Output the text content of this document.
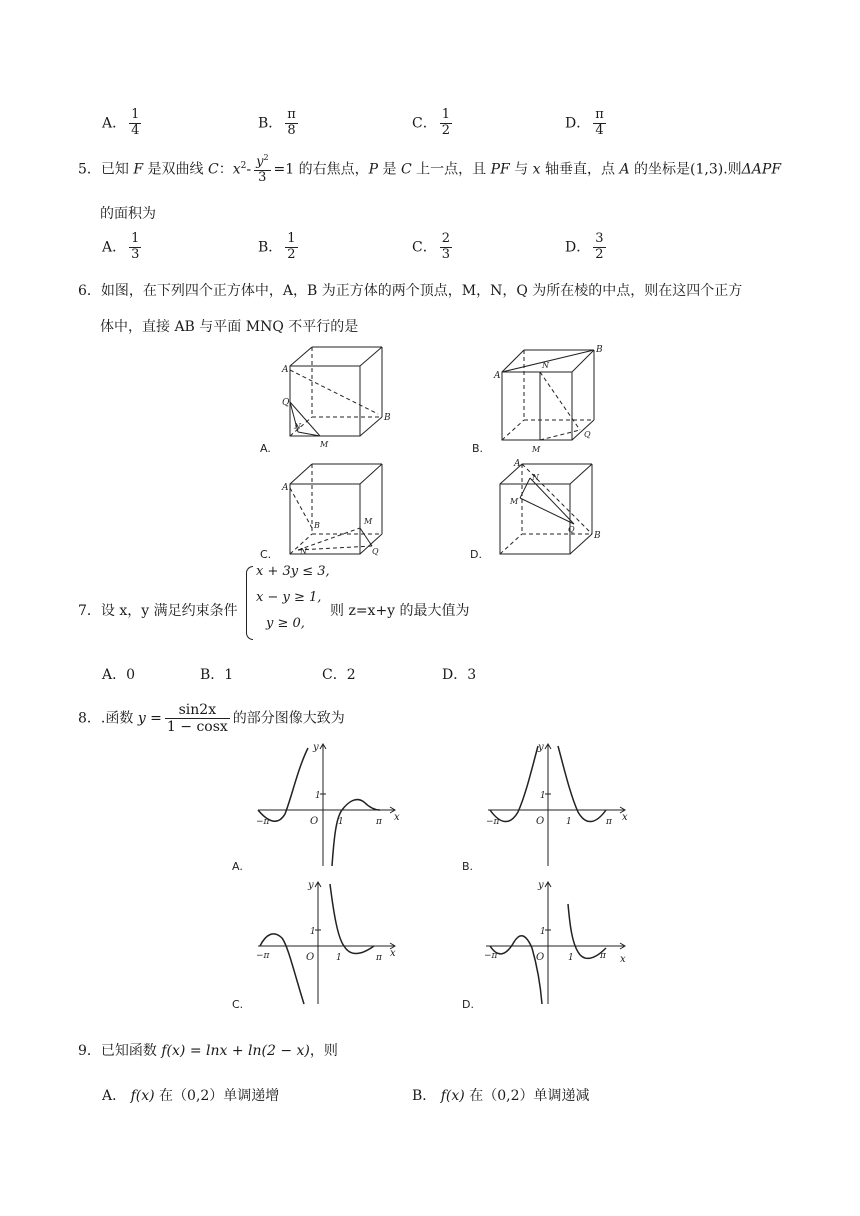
A． $\frac{1}{4}$	B． $\frac{\pi}{8}$	C． $\frac{1}{2}$	D． $\frac{\pi}{4}$
5．已知 F 是双曲线 C：$x^2- \frac{y^2}{3} =1$ 的右焦点，P 是 C 上一点，且 PF 与 x 轴垂直，点 A 的坐标是(1,3).则ΔAPF
的面积为
A． $\frac{1}{3}$	B． $\frac{1}{2}$	C． $\frac{2}{3}$	D． $\frac{3}{2}$
6．如图，在下列四个正方体中，A，B 为正方体的两个顶点，M，N，Q 为所在棱的中点，则在这四个正方
体中，直接 AB 与平面 MNQ 不平行的是
A
B
Q
N
M
A.
A
B
N
M
Q
B.
A
B	M
N	Q
C.
A
B
N
M
Q
D.
7．设 x，y 满足约束条件
x + 3y ≤ 3,
x − y ≥ 1,
y ≥ 0,
则 z=x+y 的最大值为
A．0	B．1	C．2	D．3
8．.函数 $y = \frac{\sin 2x}{1 - \cos x}$ 的部分图像大致为
y
x
O
1
1
−π	π
A.
y
x
O
1
1
−π	π
B.
y
x
O
1
1
−π	π
C.
y
x
O
1
1
−π	π
D.
9．已知函数 f(x) = lnx + ln(2 − x)，则
A． f(x) 在（0,2）单调递增	B． f(x) 在（0,2）单调递减
